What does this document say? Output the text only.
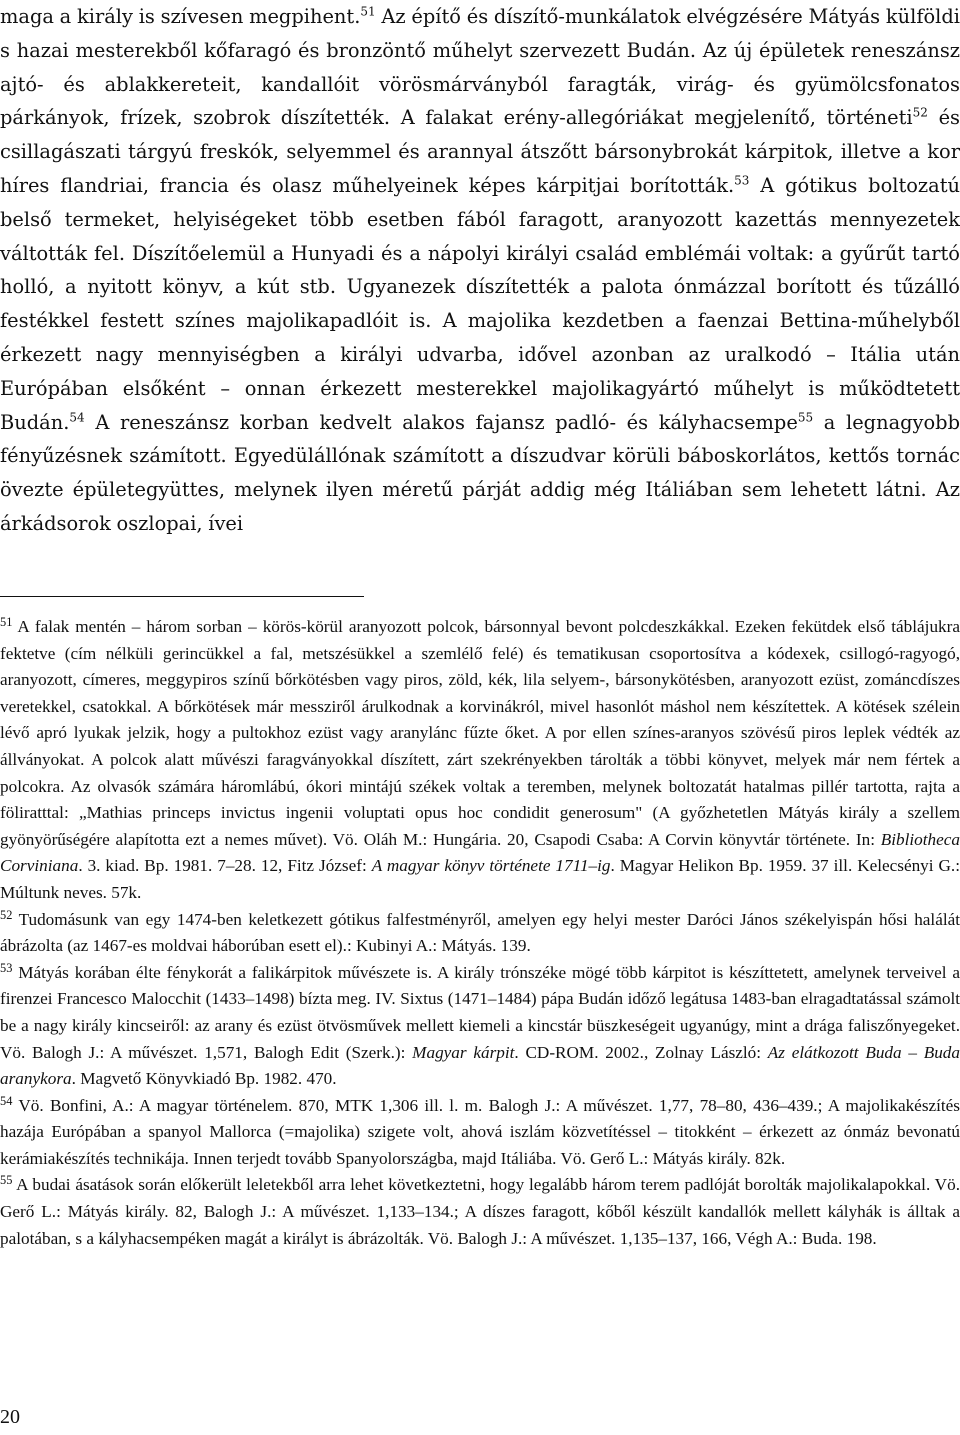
maga a király is szívesen megpihent.$^{51}$ Az építő és díszítő-munkálatok elvégzésére Mátyás külföldi s hazai mesterekből kőfaragó és bronzöntő műhelyt szervezett Budán. Az új épületek reneszánsz ajtó- és ablakkereteit, kandallóit vörösmárványból faragták, virág- és gyümölcsfonatos párkányok, frízek, szobrok díszítették. A falakat erény-allegóriákat megjelenítő, történeti$^{52}$ és csillagászati tárgyú freskók, selyemmel és arannyal átszőtt bársonybrokát kárpitok, illetve a kor híres flandriai, francia és olasz műhelyeinek képes kárpitjai borították.$^{53}$ A gótikus boltozatú belső termeket, helyiségeket több esetben fából faragott, aranyozott kazettás mennyezetek váltották fel. Díszítőelemül a Hunyadi és a nápolyi királyi család emblémái voltak: a gyűrűt tartó holló, a nyitott könyv, a kút stb. Ugyanezek díszítették a palota ónmázzal borított és tűzálló festékkel festett színes majolikapadlóit is. A majolika kezdetben a faenzai Bettina-műhelyből érkezett nagy mennyiségben a királyi udvarba, idővel azonban az uralkodó – Itália után Európában elsőként – onnan érkezett mesterekkel majolikagyártó műhelyt is működtetett Budán.$^{54}$ A reneszánsz korban kedvelt alakos fajansz padló- és kályhacsempe$^{55}$ a legnagyobb fényűzésnek számított. Egyedülállónak számított a díszudvar körüli báboskorlátos, kettős tornác övezte épületegyüttes, melynek ilyen méretű párját addig még Itáliában sem lehetett látni. Az árkádsorok oszlopai, ívei

$^{51}$ A falak mentén – három sorban – körös-körül aranyozott polcok, bársonnyal bevont polcdeszkákkal. Ezeken fekütdek első táblájukra fektetve (cím nélküli gerincükkel a fal, metszésükkel a szemlélő felé) és tematikusan csoportosítva a kódexek, csillogó-ragyogó, aranyozott, címeres, meggypiros színű bőrkötésben vagy piros, zöld, kék, lila selyem-, bársonykötésben, aranyozott ezüst, zománcdíszes veretekkel, csatokkal. A bőrkötések már messziről árulkodnak a korvinákról, mivel hasonlót máshol nem készítettek. A kötések szélein lévő apró lyukak jelzik, hogy a pultokhoz ezüst vagy aranylánc fűzte őket. A por ellen színes-aranyos szövésű piros leplek védték az állványokat. A polcok alatt művészi faragványokkal díszített, zárt szekrényekben tárolták a többi könyvet, melyek már nem fértek a polcokra. Az olvasók számára háromlábú, ókori mintájú székek voltak a teremben, melynek boltozatát hatalmas pillér tartotta, rajta a föliratttal: „Mathias princeps invictus ingenii voluptati opus hoc condidit generosum" (A győzhetetlen Mátyás király a szellem gyönyörűségére alapította ezt a nemes művet). Vö. Oláh M.: Hungária. 20, Csapodi Csaba: A Corvin könyvtár története. In: Bibliotheca Corviniana. 3. kiad. Bp. 1981. 7–28. 12, Fitz József: A magyar könyv története 1711–ig. Magyar Helikon Bp. 1959. 37 ill. Kelecsényi G.: Múltunk neves. 57k.

$^{52}$ Tudomásunk van egy 1474-ben keletkezett gótikus falfestményről, amelyen egy helyi mester Daróci János székelyispán hősi halálát ábrázolta (az 1467-es moldvai háborúban esett el).: Kubinyi A.: Mátyás. 139.

$^{53}$ Mátyás korában élte fénykorát a falikárpitok művészete is. A király trónszéke mögé több kárpitot is készíttetett, amelynek terveivel a firenzei Francesco Malocchit (1433–1498) bízta meg. IV. Sixtus (1471–1484) pápa Budán időző legátusa 1483-ban elragadtatással számolt be a nagy király kincseiről: az arany és ezüst ötvösművek mellett kiemeli a kincstár büszkeségeit ugyanúgy, mint a drága faliszőnyegeket. Vö. Balogh J.: A művészet. 1,571, Balogh Edit (Szerk.): Magyar kárpit. CD-ROM. 2002., Zolnay László: Az elátkozott Buda – Buda aranykora. Magvető Könyvkiadó Bp. 1982. 470.

$^{54}$ Vö. Bonfini, A.: A magyar történelem. 870, MTK 1,306 ill. l. m. Balogh J.: A művészet. 1,77, 78–80, 436–439.; A majolikakészítés hazája Európában a spanyol Mallorca (=majolika) szigete volt, ahová iszlám közvetítéssel – titokként – érkezett az ónmáz bevonatú kerámiakészítés technikája. Innen terjedt tovább Spanyolországba, majd Itáliába. Vö. Gerő L.: Mátyás király. 82k.

$^{55}$ A budai ásatások során előkerült leletekből arra lehet következtetni, hogy legalább három terem padlóját borolták majolikalapokkal. Vö. Gerő L.: Mátyás király. 82, Balogh J.: A művészet. 1,133–134.; A díszes faragott, kőből készült kandallók mellett kályhák is álltak a palotában, s a kályhacsempéken magát a királyt is ábrázolták. Vö. Balogh J.: A művészet. 1,135–137, 166, Végh A.: Buda. 198.

20
